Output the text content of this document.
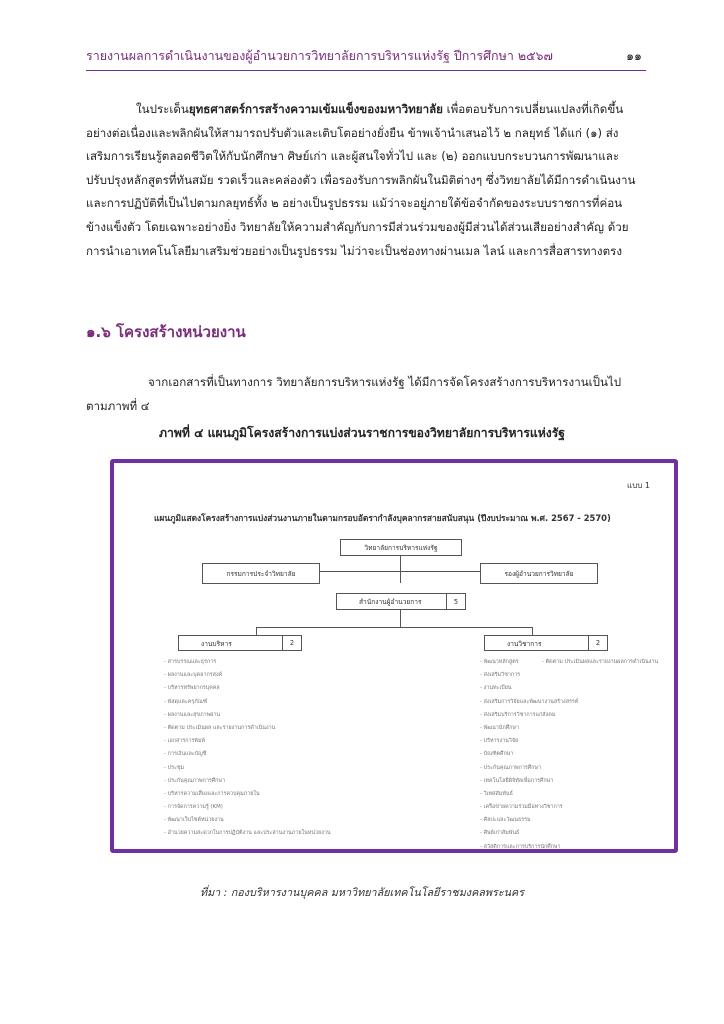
รายงานผลการดำเนินงานของผู้อำนวยการวิทยาลัยการบริหารแห่งรัฐ ปีการศึกษา ๒๕๖๗	๑๑

ในประเด็นยุทธศาสตร์การสร้างความเข้มแข็งของมหาวิทยาลัย เพื่อตอบรับการเปลี่ยนแปลงที่เกิดขึ้นอย่างต่อเนื่องและพลิกผันให้สามารถปรับตัวและเติบโตอย่างยั่งยืน ข้าพเจ้านำเสนอไว้ ๒ กลยุทธ์ ได้แก่ (๑) ส่งเสริมการเรียนรู้ตลอดชีวิตให้กับนักศึกษา ศิษย์เก่า และผู้สนใจทั่วไป และ (๒) ออกแบบกระบวนการพัฒนาและปรับปรุงหลักสูตรที่ทันสมัย รวดเร็วและคล่องตัว เพื่อรองรับการพลิกผันในมิติต่างๆ ซึ่งวิทยาลัยได้มีการดำเนินงานและการปฏิบัติที่เป็นไปตามกลยุทธ์ทั้ง ๒ อย่างเป็นรูปธรรม แม้ว่าจะอยู่ภายใต้ข้อจำกัดของระบบราชการที่ค่อนข้างแข็งตัว โดยเฉพาะอย่างยิ่ง วิทยาลัยให้ความสำคัญกับการมีส่วนร่วมของผู้มีส่วนได้ส่วนเสียอย่างสำคัญ ด้วยการนำเอาเทคโนโลยีมาเสริมช่วยอย่างเป็นรูปธรรม ไม่ว่าจะเป็นช่องทางผ่านเมล ไลน์ และการสื่อสารทางตรง

๑.๖ โครงสร้างหน่วยงาน

จากเอกสารที่เป็นทางการ วิทยาลัยการบริหารแห่งรัฐ ได้มีการจัดโครงสร้างการบริหารงานเป็นไปตามภาพที่ ๔

ภาพที่ ๔ แผนภูมิโครงสร้างการแบ่งส่วนราชการของวิทยาลัยการบริหารแห่งรัฐ
แบบ 1
แผนภูมิแสดงโครงสร้างการแบ่งส่วนงานภายในตามกรอบอัตรากำลังบุคลากรสายสนับสนุน (ปีงบประมาณ พ.ศ. 2567 - 2570)
วิทยาลัยการบริหารแห่งรัฐ
กรรมการประจำวิทยาลัย	รองผู้อำนวยการวิทยาลัย
สำนักงานผู้อำนวยการ	5
งานบริหาร	2	งานวิชาการ	2
- สารบรรณและธุรการ
- ผลงานและบุคลากรสงค์
- บริหารทรัพยากรบุคคล
- พัสดุและครุภัณฑ์
- ผลงานและสุขภาพผ่าน
- ติดตาม ประเมินผล และรายงานการดำเนินงาน
- เอกสารการพิมพ์
- การเงินและบัญชี
- ประชุม
- ประกันคุณภาพการศึกษา
- บริหารความเสี่ยงและการควบคุมภายใน
- การจัดการความรู้ (KM)
- พัฒนาเว็บไซต์หน่วยงาน
- อำนวยความสะดวกในการปฏิบัติงาน และประสานงานภายในหน่วยงาน
- พัฒนาหลักสูตร
- ส่งเสริมวิชาการ
- งานทะเบียน
- ส่งเสริมการวิจัยและพัฒนางานสร้างสรรค์
- ส่งเสริมบริการวิชาการแก่สังคม
- พัฒนานักศึกษา
- บริหารงานวิจัย
- บัณฑิตศึกษา
- ประกันคุณภาพการศึกษา
- เทคโนโลยีดิจิทัลเพื่อการศึกษา
- วิเทศสัมพันธ์
- เครือข่ายความร่วมมือทางวิชาการ
- ศิลปะและวัฒนธรรม
- ศิษย์เก่าสัมพันธ์
- สวัสดิการและการบริการนักศึกษา
- ติดตาม ประเมินผลและรายงานผลการดำเนินงาน
ที่มา : กองบริหารงานบุคคล มหาวิทยาลัยเทคโนโลยีราชมงคลพระนคร
